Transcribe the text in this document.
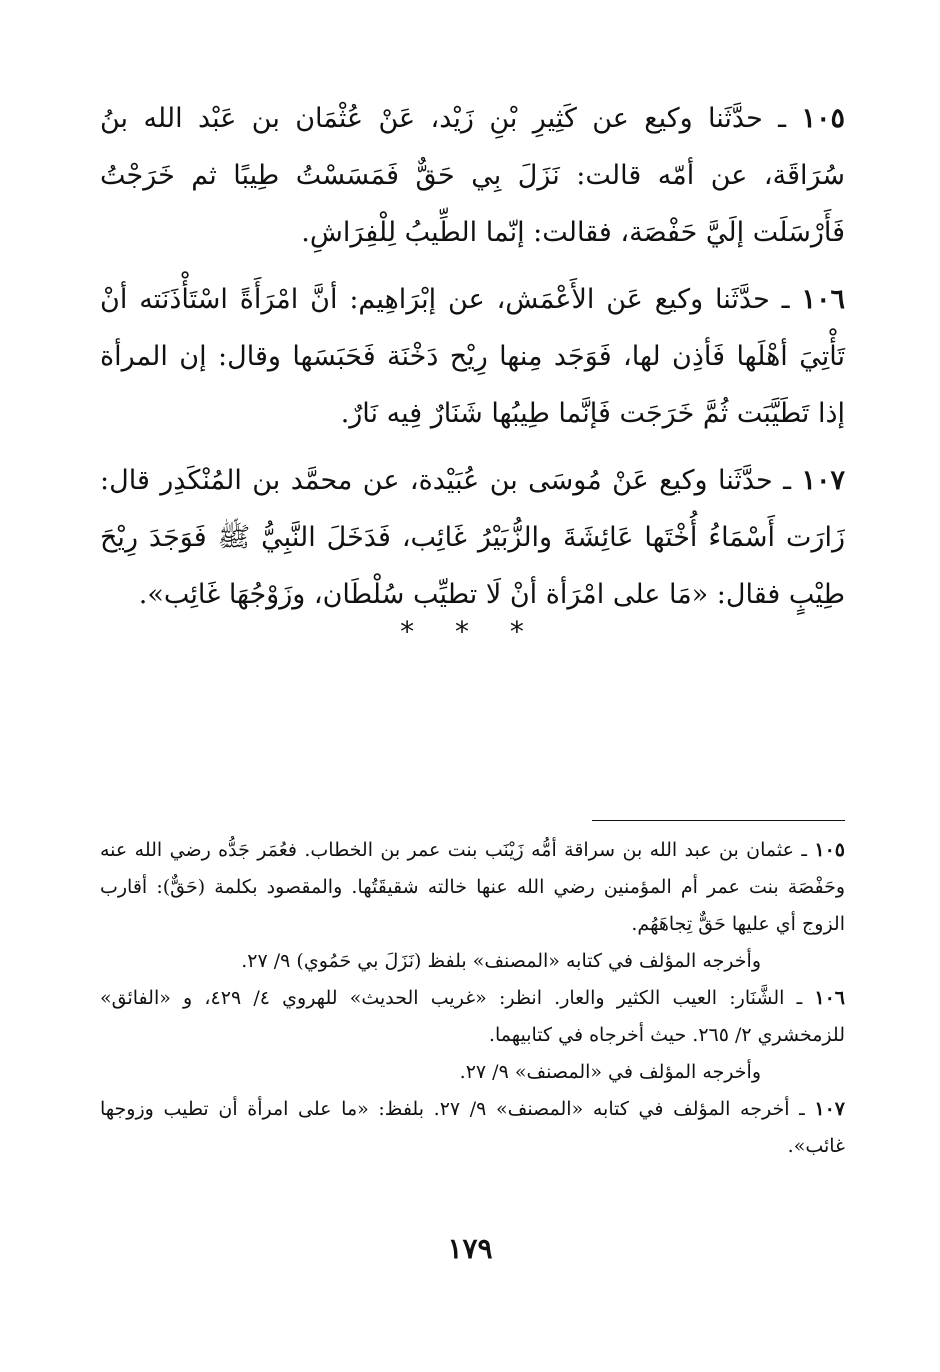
١٠٥ ـ حدَّثَنا وكيع عن كَثِيرِ بْنِ زَيْد، عَنْ عُثْمَان بن عَبْد الله بنُ سُرَاقَة، عن أمّه قالت: نَزَلَ بِي حَقٌّ فَمَسَسْتُ طِيبًا ثم خَرَجْتُ فَأَرْسَلَت إلَيَّ حَفْصَة، فقالت: إنّما الطِّيبُ لِلْفِرَاشِ.

١٠٦ ـ حدَّثَنا وكيع عَن الأَعْمَش، عن إبْرَاهِيم: أنَّ امْرَأَةً اسْتَأْذَنَته أنْ تَأْتِيَ أهْلَها فَأذِن لها، فَوَجَد مِنها رِيْح دَخْنَة فَحَبَسَها وقال: إن المرأة إذا تَطَيَّبَت ثُمَّ خَرَجَت فَإنَّما طِيبُها شَنَارٌ فِيه نَارٌ.

١٠٧ ـ حدَّثَنا وكيع عَنْ مُوسَى بن عُبَيْدة، عن محمَّد بن المُنْكَدِر قال: زَارَت أَسْمَاءُ أُخْتَها عَائِشَةَ والزُّبَيْرُ غَائِب، فَدَخَلَ النَّبِيُّ ﷺ فَوَجَدَ رِيْحَ طِيْبٍ فقال: «مَا على امْرَأة أنْ لَا تطيِّب سُلْطَان، وزَوْجُهَا غَائِب».

* * *

١٠٥ ـ عثمان بن عبد الله بن سراقة أمُّه زَيْنَب بنت عمر بن الخطاب. فعُمَر جَدُّه رضي الله عنه وحَفْصَة بنت عمر أم المؤمنين رضي الله عنها خالته شقيقَتُها. والمقصود بكلمة (حَقٌّ): أقارب الزوج أي عليها حَقٌّ تِجاهَهُم.
وأخرجه المؤلف في كتابه «المصنف» بلفظ (نَزَلَ بي حَمُوي) ٩/ ٢٧.

١٠٦ ـ الشَّنَار: العيب الكثير والعار. انظر: «غريب الحديث» للهروي ٤/ ٤٢٩، و «الفائق» للزمخشري ٢/ ٢٦٥. حيث أخرجاه في كتابيهما.
وأخرجه المؤلف في «المصنف» ٩/ ٢٧.

١٠٧ ـ أخرجه المؤلف في كتابه «المصنف» ٩/ ٢٧. بلفظ: «ما على امرأة أن تطيب وزوجها غائب».

١٧٩
